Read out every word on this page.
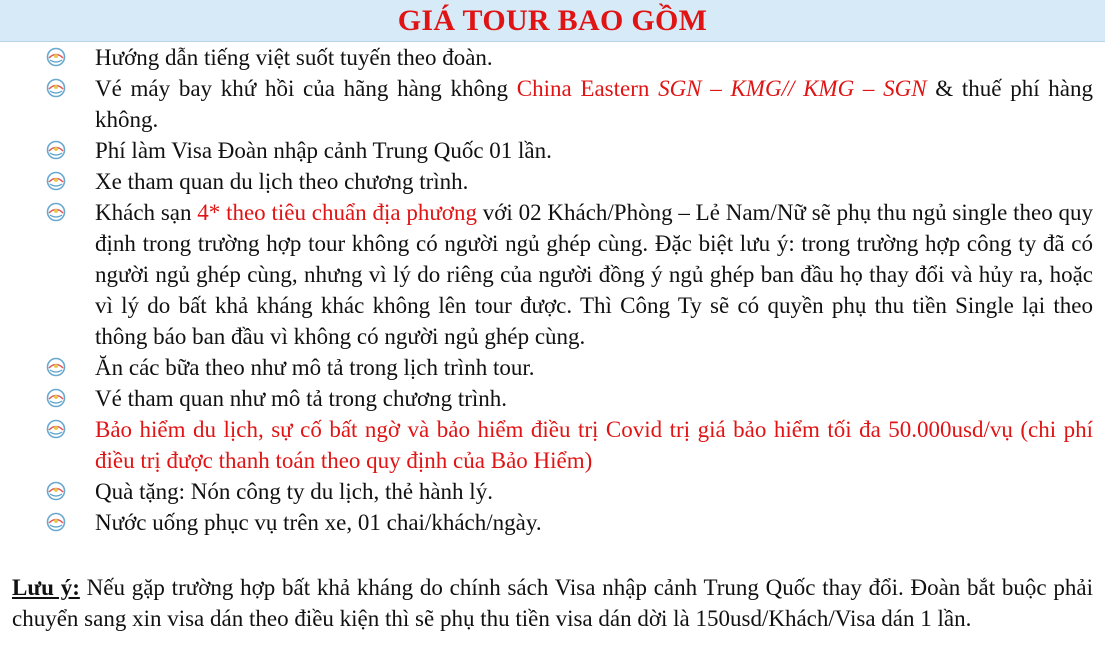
GIÁ TOUR BAO GỒM
Hướng dẫn tiếng việt suốt tuyến theo đoàn.
Vé máy bay khứ hồi của hãng hàng không China Eastern SGN – KMG// KMG – SGN & thuế phí hàng không.
Phí làm Visa Đoàn nhập cảnh Trung Quốc 01 lần.
Xe tham quan du lịch theo chương trình.
Khách sạn 4* theo tiêu chuẩn địa phương với 02 Khách/Phòng – Lẻ Nam/Nữ sẽ phụ thu ngủ single theo quy định trong trường hợp tour không có người ngủ ghép cùng. Đặc biệt lưu ý: trong trường hợp công ty đã có người ngủ ghép cùng, nhưng vì lý do riêng của người đồng ý ngủ ghép ban đầu họ thay đổi và hủy ra, hoặc vì lý do bất khả kháng khác không lên tour được. Thì Công Ty sẽ có quyền phụ thu tiền Single lại theo thông báo ban đầu vì không có người ngủ ghép cùng.
Ăn các bữa theo như mô tả trong lịch trình tour.
Vé tham quan như mô tả trong chương trình.
Bảo hiểm du lịch, sự cố bất ngờ và bảo hiểm điều trị Covid trị giá bảo hiểm tối đa 50.000usd/vụ (chi phí điều trị được thanh toán theo quy định của Bảo Hiểm)
Quà tặng: Nón công ty du lịch, thẻ hành lý.
Nước uống phục vụ trên xe, 01 chai/khách/ngày.
Lưu ý: Nếu gặp trường hợp bất khả kháng do chính sách Visa nhập cảnh Trung Quốc thay đổi. Đoàn bắt buộc phải chuyển sang xin visa dán theo điều kiện thì sẽ phụ thu tiền visa dán dời là 150usd/Khách/Visa dán 1 lần.
